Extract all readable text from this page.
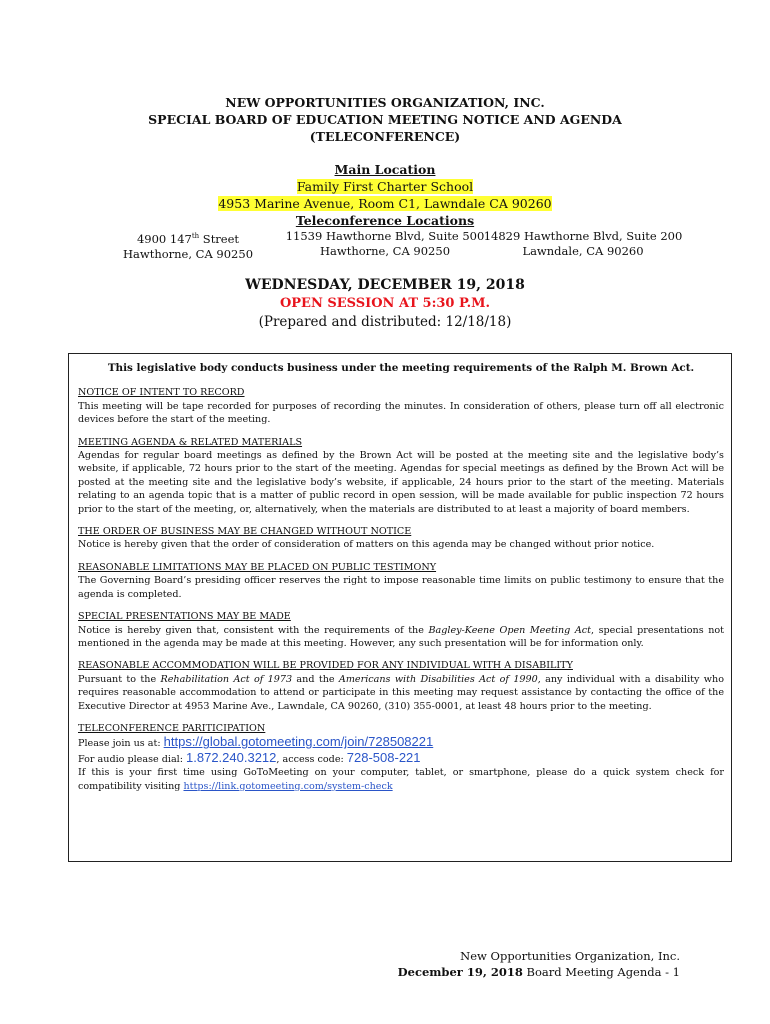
NEW OPPORTUNITIES ORGANIZATION, INC.
SPECIAL BOARD OF EDUCATION MEETING NOTICE AND AGENDA
(TELECONFERENCE)
Main Location
Family First Charter School
4953 Marine Avenue, Room C1, Lawndale CA 90260
Teleconference Locations
4900 147th Street
Hawthorne, CA 90250
11539 Hawthorne Blvd, Suite 500
Hawthorne, CA 90250
14829 Hawthorne Blvd, Suite 200
Lawndale, CA 90260
WEDNESDAY, DECEMBER 19, 2018
OPEN SESSION AT 5:30 P.M.
(Prepared and distributed: 12/18/18)
This legislative body conducts business under the meeting requirements of the Ralph M. Brown Act.
NOTICE OF INTENT TO RECORD
This meeting will be tape recorded for purposes of recording the minutes. In consideration of others, please turn off all electronic devices before the start of the meeting.
MEETING AGENDA & RELATED MATERIALS
Agendas for regular board meetings as defined by the Brown Act will be posted at the meeting site and the legislative body’s website, if applicable, 72 hours prior to the start of the meeting. Agendas for special meetings as defined by the Brown Act will be posted at the meeting site and the legislative body’s website, if applicable, 24 hours prior to the start of the meeting. Materials relating to an agenda topic that is a matter of public record in open session, will be made available for public inspection 72 hours prior to the start of the meeting, or, alternatively, when the materials are distributed to at least a majority of board members.
THE ORDER OF BUSINESS MAY BE CHANGED WITHOUT NOTICE
Notice is hereby given that the order of consideration of matters on this agenda may be changed without prior notice.
REASONABLE LIMITATIONS MAY BE PLACED ON PUBLIC TESTIMONY
The Governing Board’s presiding officer reserves the right to impose reasonable time limits on public testimony to ensure that the agenda is completed.
SPECIAL PRESENTATIONS MAY BE MADE
Notice is hereby given that, consistent with the requirements of the Bagley-Keene Open Meeting Act, special presentations not mentioned in the agenda may be made at this meeting. However, any such presentation will be for information only.
REASONABLE ACCOMMODATION WILL BE PROVIDED FOR ANY INDIVIDUAL WITH A DISABILITY
Pursuant to the Rehabilitation Act of 1973 and the Americans with Disabilities Act of 1990, any individual with a disability who requires reasonable accommodation to attend or participate in this meeting may request assistance by contacting the office of the Executive Director at 4953 Marine Ave., Lawndale, CA 90260, (310) 355-0001, at least 48 hours prior to the meeting.
TELECONFERENCE PARITICIPATION
Please join us at: https://global.gotomeeting.com/join/728508221
For audio please dial: 1.872.240.3212, access code: 728-508-221
If this is your first time using GoToMeeting on your computer, tablet, or smartphone, please do a quick system check for compatibility visiting https://link.gotomeeting.com/system-check
New Opportunities Organization, Inc.
December 19, 2018 Board Meeting Agenda - 1
